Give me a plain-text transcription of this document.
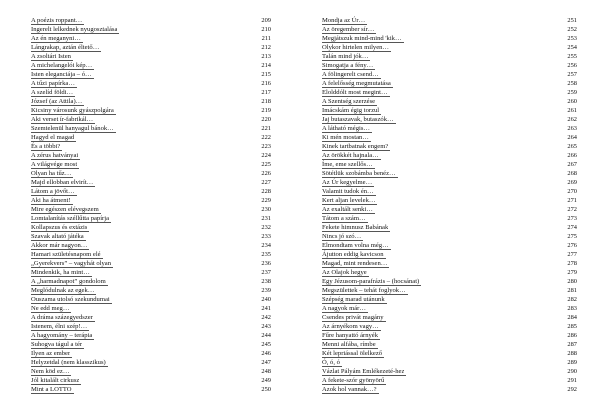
A poézis roppant…	209
Ingerelt lelkednek nyugosztalása	210
Az én meganyni…	211
Lángrakap, aztán éltető…	212
A zsoltári Isten	213
A michelangelói kép…	214
Isten eleganciája – ó…	215
A tűzi papírka…	216
A szelíd földi…	217
József (az Attila)…	218
Kicsiny városunk gyászpolgára	219
Aki verset ír-fabrikál…	220
Szemtelenül hanyagul bánok…	221
Hagyd el magad	222
És a többi?	223
A zérus hatványai	224
A világvége most	225
Olyan ha tűz…	226
Majd ellobban elvirít…	227
Látom a jövőt…	228
Aki ha átment!	229
Mire egészen elévegszem	230
Lomtalanítás széllűtta papírja	231
Kollapszus és extázis	232
Szavak altató játéka	233
Akkor már nagyon…	234
Hamari születésnapom elé	235
„Gyerekvers” – vagyhát olyan	236
Mindenkik, ha mint…	237
A „harmadnapot” gondolom	238
Meglódulnak az egek…	239
Ouszama utolsó szekundumai	240
Ne edd meg…	241
A dráma százegyedszer	242
Istenem, élni szép!…	243
A hagyomány – terápia	244
Suhogva tágul a tér	245
Ilyen az ember	246
Helyzetdal (nem klasszikus)	247
Nem köd ez…	248
Jól kitalált cirkusz	249
Mint a LOTTO	250
Mondja az Úr…	251
Az öregember sír…	252
Megjátszuk mind-mind 'kik…	253
Olykor hirtelen milyen…	254
Talán mind jók…	255
Simogatja a fény…	256
A fölingerelt csend…	257
A felelősség megmutatása	258
Elolddólt most megint…	259
A Szentség szerzése	260
Imácskám égig torzul	261
Jaj butaszavak, butaszók…	262
A látható mégis…	263
Ki mén mostan…	264
Kinek tartbatnak engem?	265
Az örökkét hajnala…	266
Íme, eme szellős…	267
Sötétlük szobámba benéz…	268
Az Úr kegyelme…	269
Valamit tudok én…	270
Kert aljan levelek…	271
Az exaltált senki…	272
Tátom a szám…	273
Fekete himnusz Babának	274
Nincs jó szó…	275
Elmondtam volna még…	276
Ájutton eddig kavicson	277
Magad, mint rendesen…	278
Az Olajok hegye	279
Egy Jézusom-parafrázis – (hocsánat)	280
Megszülettek – tehát foglyok…	281
Szépség marad utánunk	282
A nagyok már…	283
Csendes privát magány	284
Az árnyékom vagy…	285
Fűre hanyattó árnyék	286
Menni alfába, rímbe	287
Két lepriással ölelkező	288
Ó, ó, ó	289
Vázlat Pályám Emlékezeté-hez	290
A fekete-szór gyönyörű	291
Azok hol vannak…?	292
